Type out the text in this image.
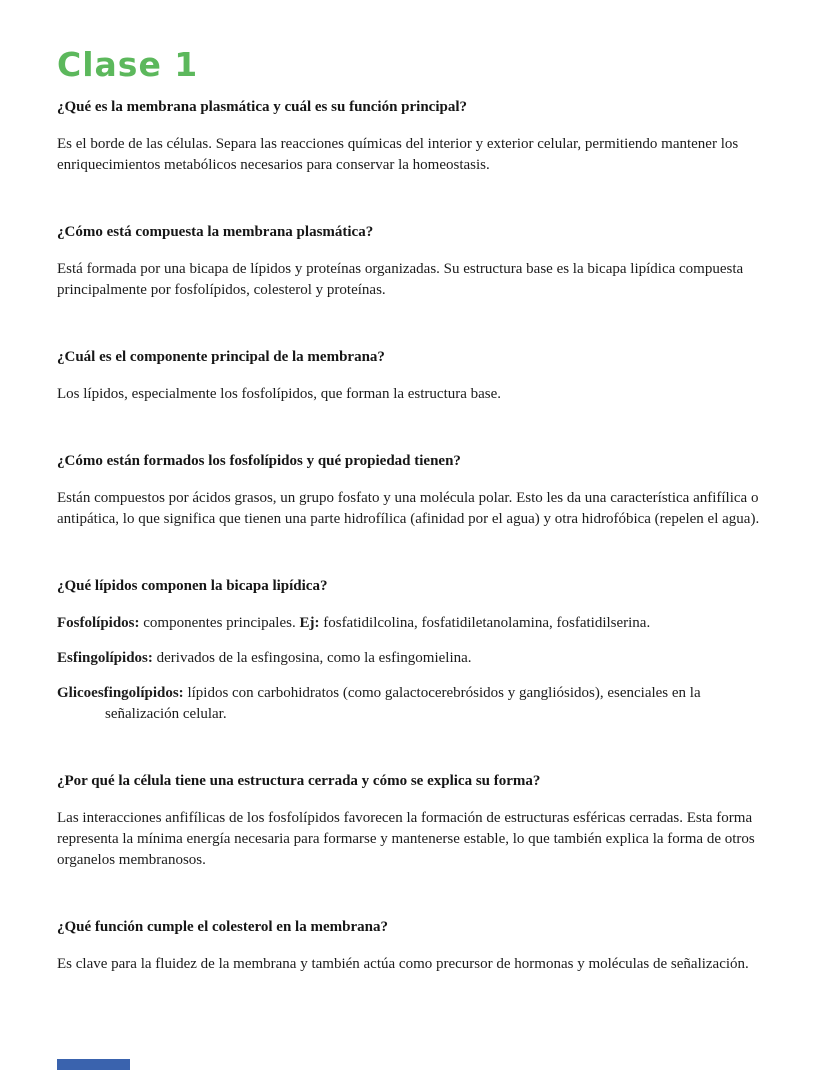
Clase 1
¿Qué es la membrana plasmática y cuál es su función principal?

Es el borde de las células. Separa las reacciones químicas del interior y exterior celular, permitiendo mantener los enriquecimientos metabólicos necesarios para conservar la homeostasis.

¿Cómo está compuesta la membrana plasmática?

Está formada por una bicapa de lípidos y proteínas organizadas. Su estructura base es la bicapa lipídica compuesta principalmente por fosfolípidos, colesterol y proteínas.

¿Cuál es el componente principal de la membrana?

Los lípidos, especialmente los fosfolípidos, que forman la estructura base.

¿Cómo están formados los fosfolípidos y qué propiedad tienen?

Están compuestos por ácidos grasos, un grupo fosfato y una molécula polar. Esto les da una característica anfifílica o antipática, lo que significa que tienen una parte hidrofílica (afinidad por el agua) y otra hidrofóbica (repelen el agua).

¿Qué lípidos componen la bicapa lipídica?

Fosfolípidos: componentes principales. Ej: fosfatidilcolina, fosfatidiletanolamina, fosfatidilserina.

Esfingolípidos: derivados de la esfingosina, como la esfingomielina.

Glicoesfingolípidos: lípidos con carbohidratos (como galactocerebrósidos y gangliósidos), esenciales en la señalización celular.

¿Por qué la célula tiene una estructura cerrada y cómo se explica su forma?

Las interacciones anfifílicas de los fosfolípidos favorecen la formación de estructuras esféricas cerradas. Esta forma representa la mínima energía necesaria para formarse y mantenerse estable, lo que también explica la forma de otros organelos membranosos.

¿Qué función cumple el colesterol en la membrana?

Es clave para la fluidez de la membrana y también actúa como precursor de hormonas y moléculas de señalización.
